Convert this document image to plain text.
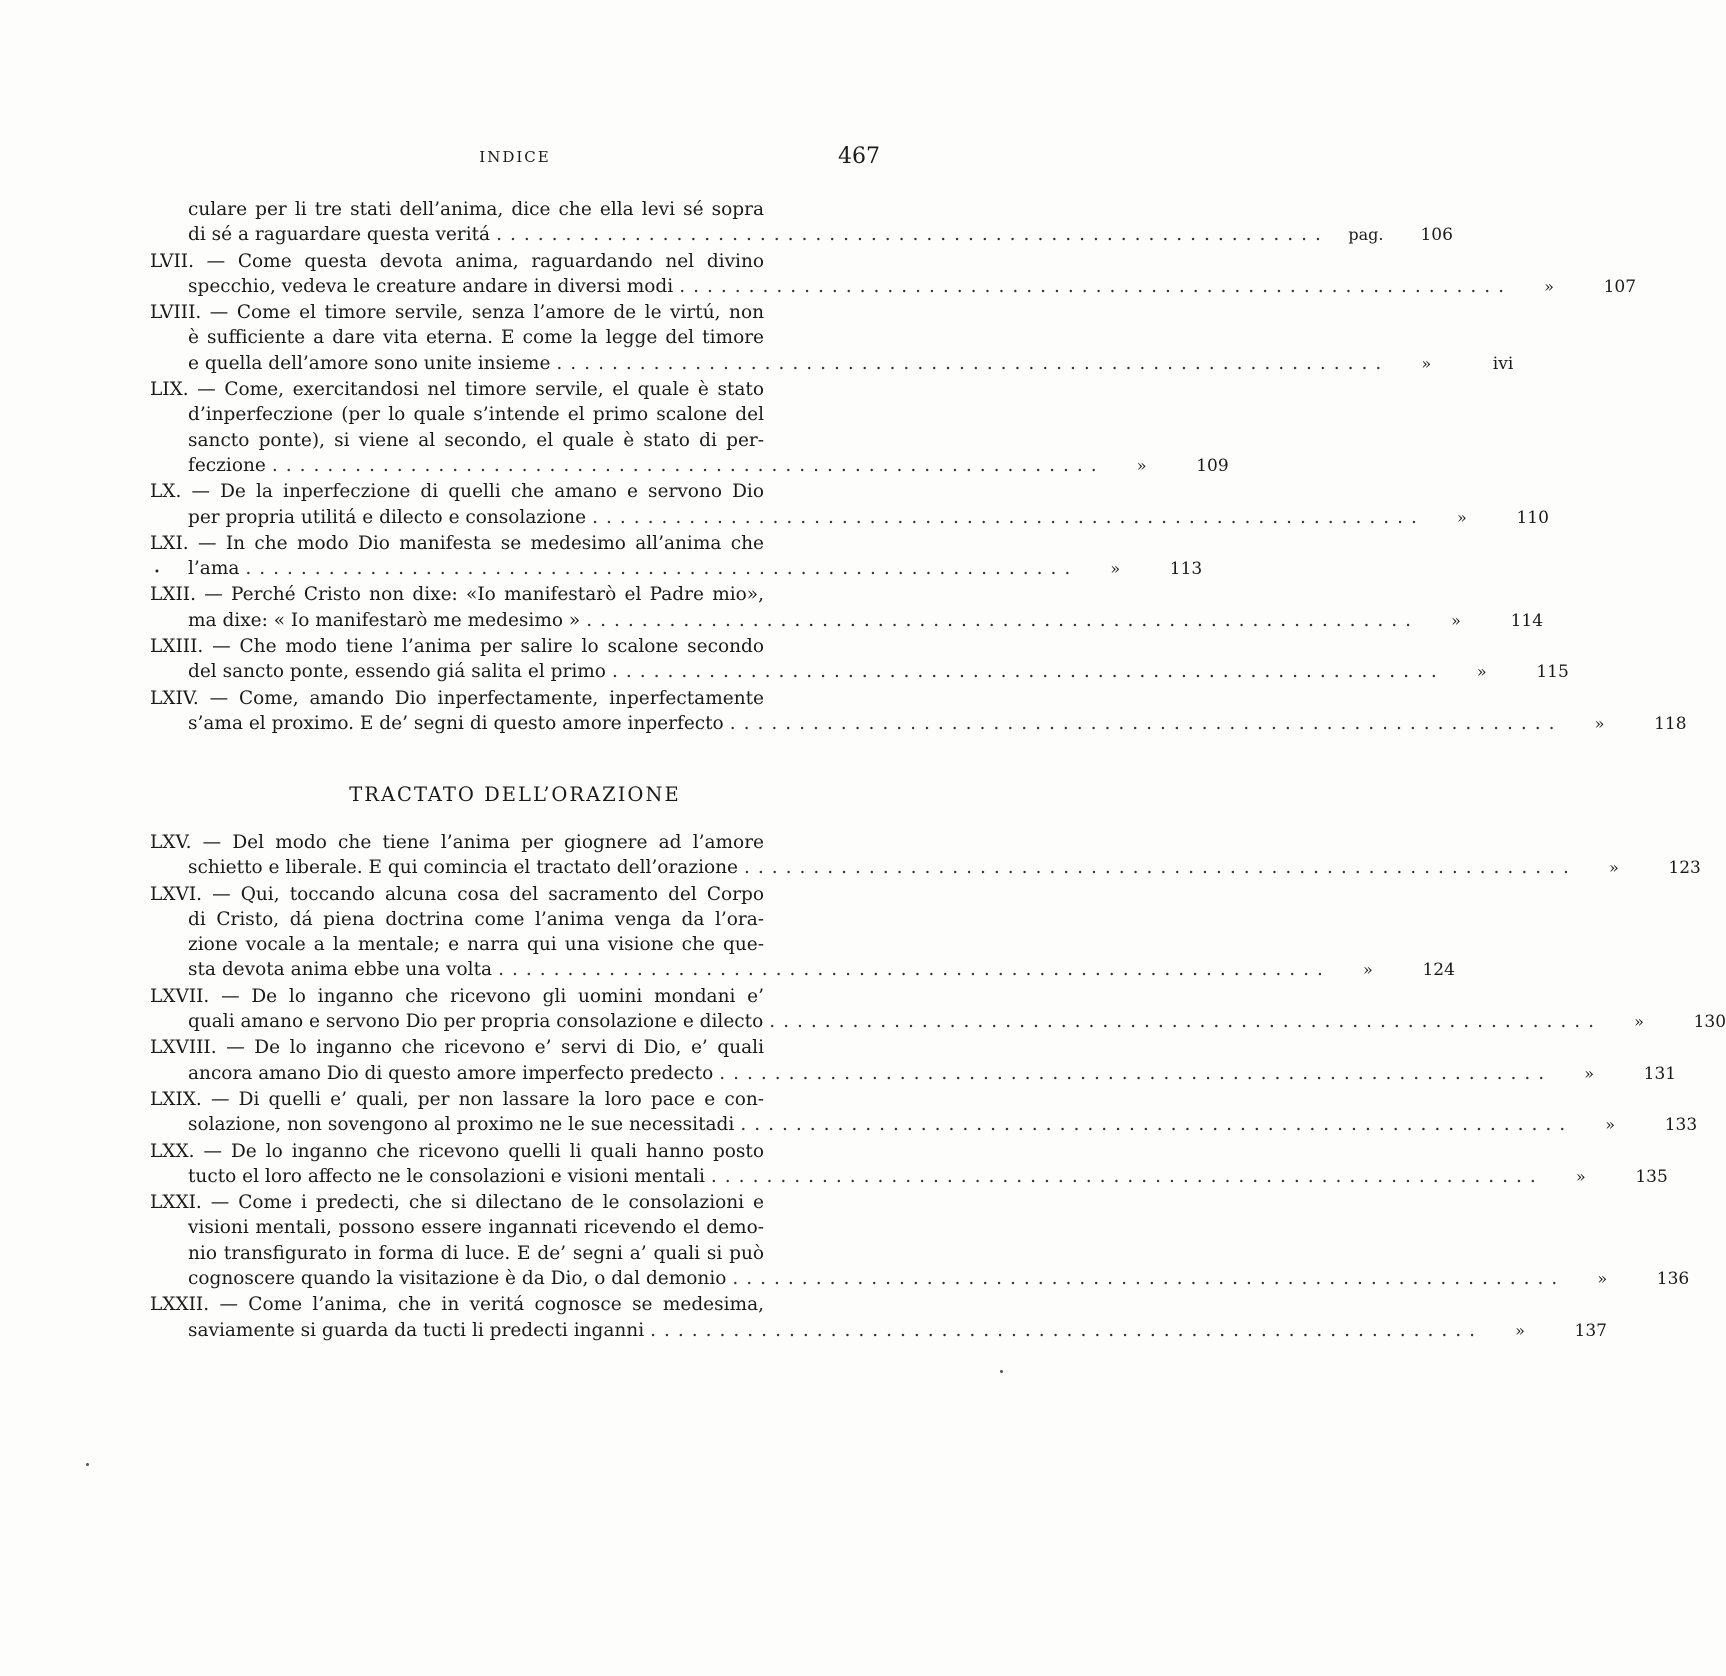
INDICE	467
culare per li tre stati dell’anima, dice che ella levi sé sopra
di sé a raguardare questa veritá ............................................................	pag.	106
LVII. — Come questa devota anima, raguardando nel divino
specchio, vedeva le creature andare in diversi modi ............................................................	»	107
LVIII. — Come el timore servile, senza l’amore de le virtú, non
è sufficiente a dare vita eterna. E come la legge del timore
e quella dell’amore sono unite insieme ............................................................	»	ivi
LIX. — Come, exercitandosi nel timore servile, el quale è stato
d’inperfeczione (per lo quale s’intende el primo scalone del
sancto ponte), si viene al secondo, el quale è stato di per-
feczione ............................................................	»	109
LX. — De la inperfeczione di quelli che amano e servono Dio
per propria utilitá e dilecto e consolazione ............................................................	»	110
LXI. — In che modo Dio manifesta se medesimo all’anima che
l’ama ............................................................	»	113
LXII. — Perché Cristo non dixe: «Io manifestarò el Padre mio»,
ma dixe: « Io manifestarò me medesimo » ............................................................	»	114
LXIII. — Che modo tiene l’anima per salire lo scalone secondo
del sancto ponte, essendo giá salita el primo ............................................................	»	115
LXIV. — Come, amando Dio inperfectamente, inperfectamente
s’ama el proximo. E de’ segni di questo amore inperfecto ............................................................	»	118
TRACTATO DELL’ORAZIONE
LXV. — Del modo che tiene l’anima per giognere ad l’amore
schietto e liberale. E qui comincia el tractato dell’orazione ............................................................	»	123
LXVI. — Qui, toccando alcuna cosa del sacramento del Corpo
di Cristo, dá piena doctrina come l’anima venga da l’ora-
zione vocale a la mentale; e narra qui una visione che que-
sta devota anima ebbe una volta ............................................................	»	124
LXVII. — De lo inganno che ricevono gli uomini mondani e’
quali amano e servono Dio per propria consolazione e dilecto ............................................................	»	130
LXVIII. — De lo inganno che ricevono e’ servi di Dio, e’ quali
ancora amano Dio di questo amore imperfecto predecto ............................................................	»	131
LXIX. — Di quelli e’ quali, per non lassare la loro pace e con-
solazione, non sovengono al proximo ne le sue necessitadi ............................................................	»	133
LXX. — De lo inganno che ricevono quelli li quali hanno posto
tucto el loro affecto ne le consolazioni e visioni mentali ............................................................	»	135
LXXI. — Come i predecti, che si dilectano de le consolazioni e
visioni mentali, possono essere ingannati ricevendo el demo-
nio transfigurato in forma di luce. E de’ segni a’ quali si può
cognoscere quando la visitazione è da Dio, o dal demonio ............................................................	»	136
LXXII. — Come l’anima, che in veritá cognosce se medesima,
saviamente si guarda da tucti li predecti inganni ............................................................	»	137
•
